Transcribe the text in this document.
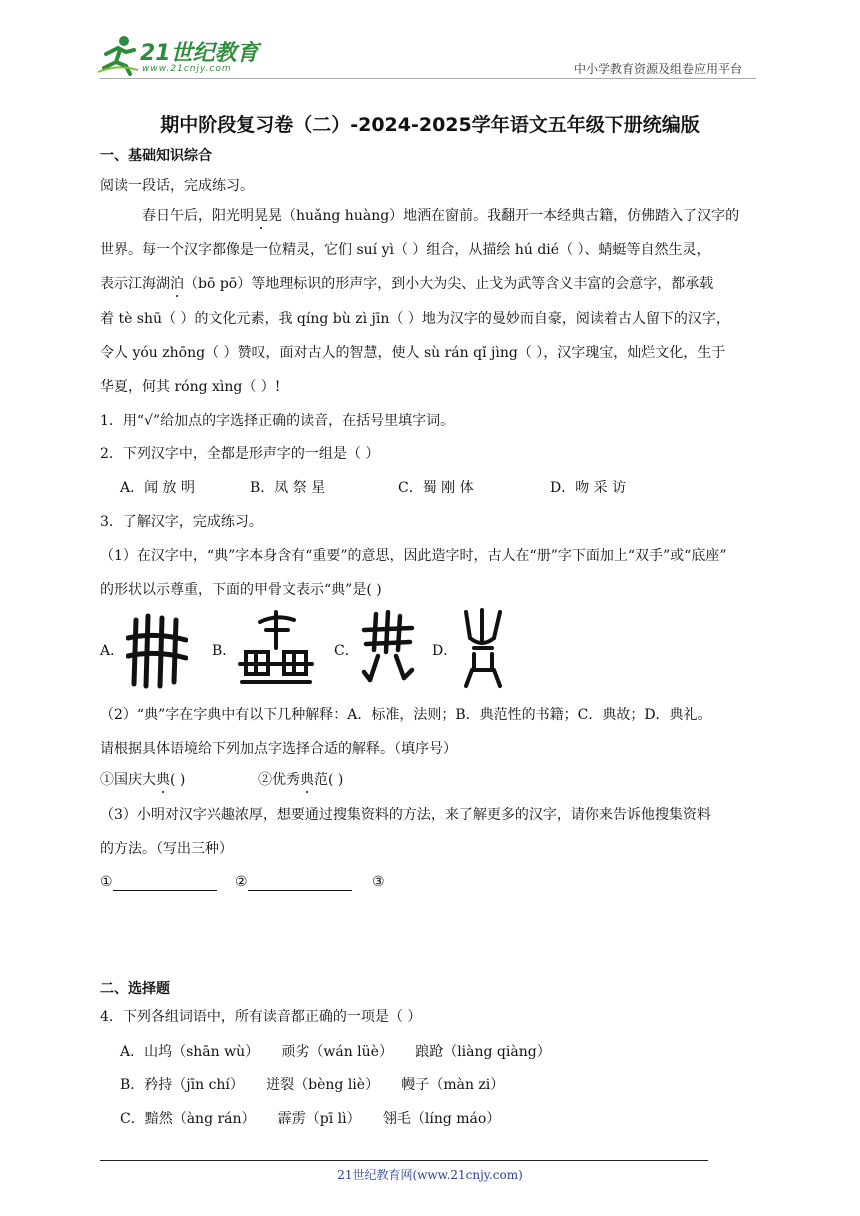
21世纪教育
www.21cnjy.com	中小学教育资源及组卷应用平台
期中阶段复习卷（二）-2024-2025学年语文五年级下册统编版
一、基础知识综合
阅读一段话，完成练习。
春日午后，阳光明晃晃（huǎng huàng）地洒在窗前。我翻开一本经典古籍，仿佛踏入了汉字的
世界。每一个汉字都像是一位精灵，它们 suí yì（ ）组合，从描绘 hú dié（ ）、蜻蜓等自然生灵，
表示江海湖泊（bō pō）等地理标识的形声字，到小大为尖、止戈为武等含义丰富的会意字，都承载
着 tè shū（ ）的文化元素，我 qíng bù zì jīn（ ）地为汉字的曼妙而自豪，阅读着古人留下的汉字，
令人 yóu zhōng（ ）赞叹，面对古人的智慧，使人 sù rán qǐ jìng（ ），汉字瑰宝，灿烂文化，生于
华夏，何其 róng xìng（ ）!
1．用“√”给加点的字选择正确的读音，在括号里填字词。
2．下列汉字中，全都是形声字的一组是（ ）
A．闻 放 明	B．凤 祭 星	C．蜀 刚 体	D．吻 采 访
3．了解汉字，完成练习。
（1）在汉字中，“典”字本身含有“重要”的意思，因此造字时，古人在“册”字下面加上“双手”或“底座”
的形状以示尊重，下面的甲骨文表示“典”是( )
A．	B．	C．	D．
（2）“典”字在字典中有以下几种解释：A．标准，法则；B．典范性的书籍；C．典故；D．典礼。
请根据具体语境给下列加点字选择合适的解释。（填序号）
①国庆大典( )	②优秀典范( )
（3）小明对汉字兴趣浓厚，想要通过搜集资料的方法，来了解更多的汉字，请你来告诉他搜集资料
的方法。（写出三种）
①	②	③
二、选择题
4．下列各组词语中，所有读音都正确的一项是（ ）
A．山坞（shān wù）     顽劣（wán lüè）     踉跄（liàng qiàng）
B．矜持（jīn chí）     迸裂（bèng liè）     幔子（màn zi）
C．黯然（àng rán）     霹雳（pī lì）     翎毛（líng máo）
21世纪教育网(www.21cnjy.com)
